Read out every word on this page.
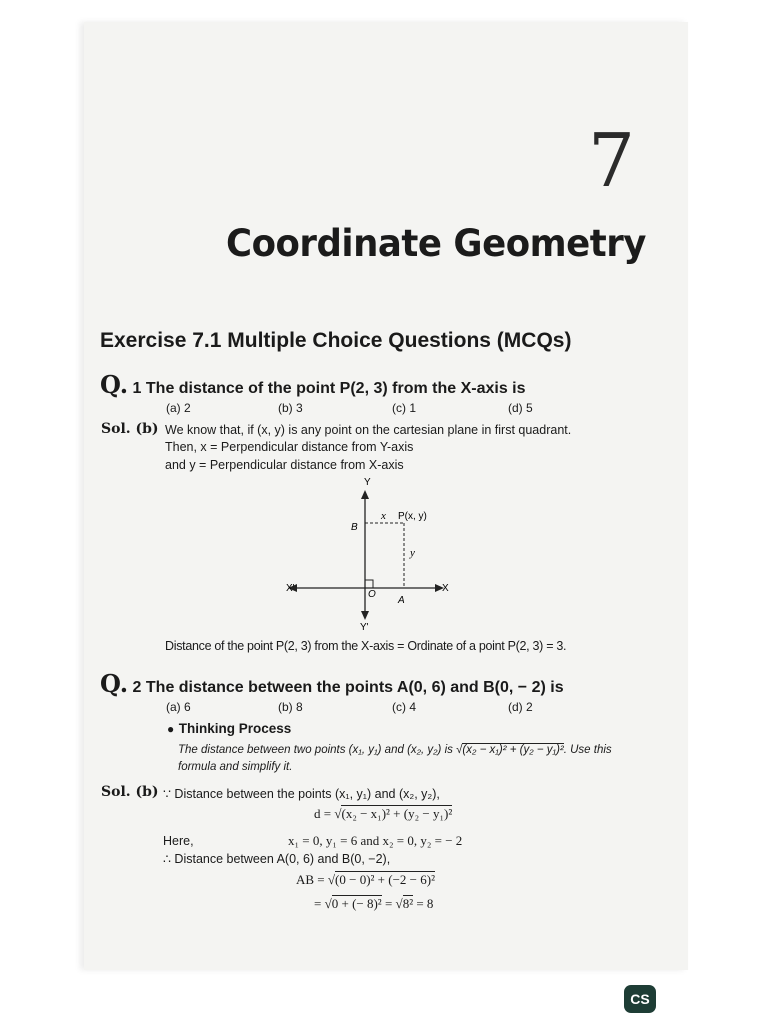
7
Coordinate Geometry
Exercise 7.1 Multiple Choice Questions (MCQs)
Q. 1 The distance of the point P(2, 3) from the X-axis is
(a) 2	(b) 3	(c) 1	(d) 5
Sol. (b) We know that, if (x, y) is any point on the cartesian plane in first quadrant.
Then, x = Perpendicular distance from Y-axis
and y = Perpendicular distance from X-axis
Y
Y'
X'	X
O
A
B
P(x, y)
x
y
Distance of the point P(2, 3) from the X-axis = Ordinate of a point P(2, 3) = 3.
Q. 2 The distance between the points A(0, 6) and B(0, − 2) is
(a) 6	(b) 8	(c) 4	(d) 2
● Thinking Process
The distance between two points (x₁, y₁) and (x₂, y₂) is √(x₂ − x₁)² + (y₂ − y₁)². Use this
formula and simplify it.
Sol. (b) ∵ Distance between the points (x₁, y₁) and (x₂, y₂),
d = √(x₂ − x₁)² + (y₂ − y₁)²
Here,	x₁ = 0, y₁ = 6 and x₂ = 0, y₂ = − 2
∴ Distance between A(0, 6) and B(0, −2),
AB = √(0 − 0)² + (−2 − 6)²
= √0 + (− 8)² = √8² = 8
CS
